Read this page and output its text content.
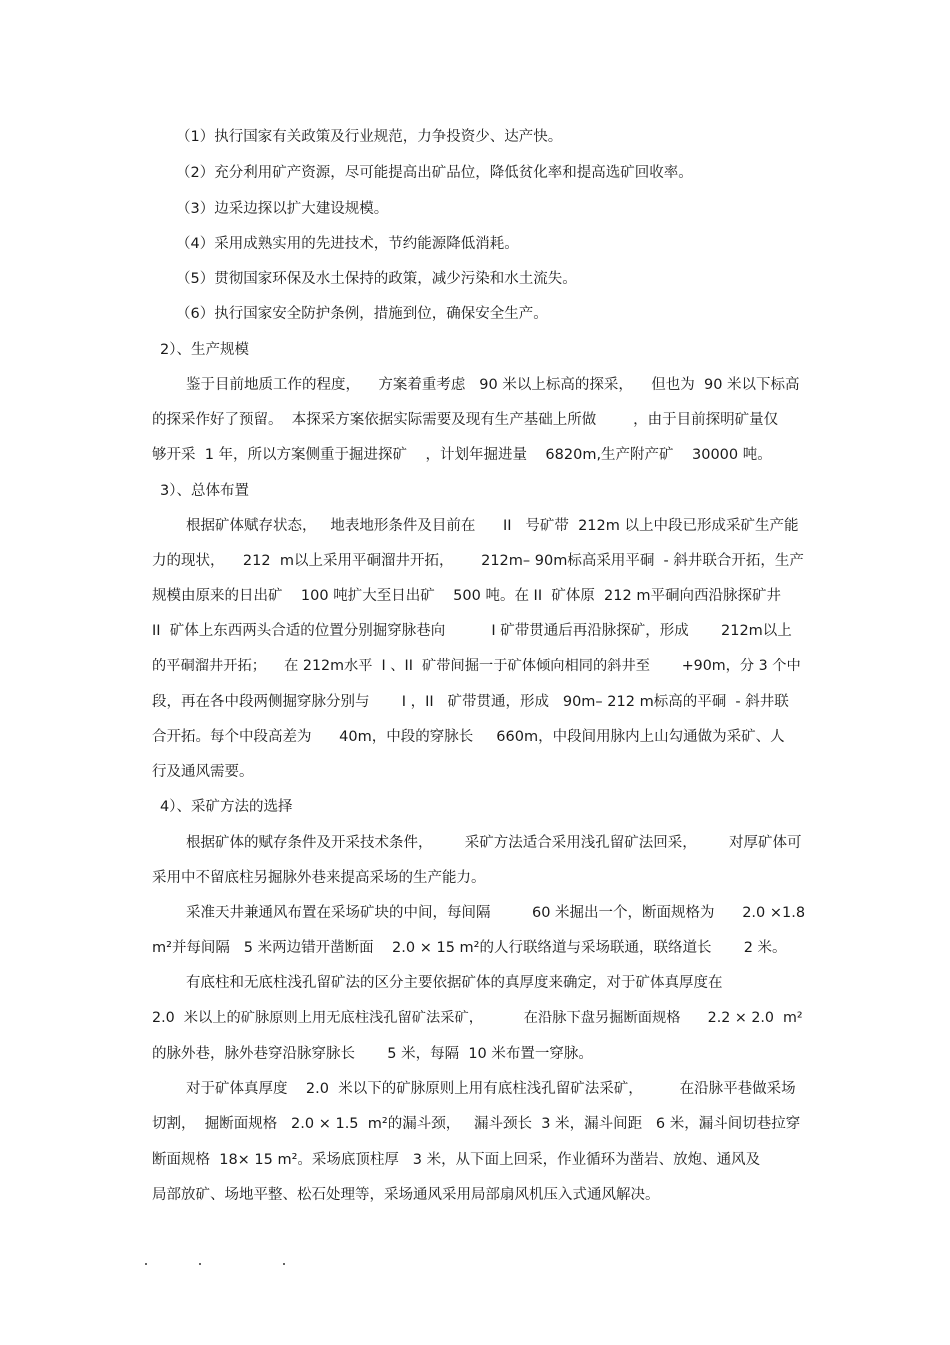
（1）执行国家有关政策及行业规范，力争投资少、达产快。
（2）充分利用矿产资源，尽可能提高出矿品位，降低贫化率和提高选矿回收率。
（3）边采边探以扩大建设规模。
（4）采用成熟实用的先进技术，节约能源降低消耗。
（5）贯彻国家环保及水土保持的政策，减少污染和水土流失。
（6）执行国家安全防护条例，措施到位，确保安全生产。
2）、生产规模
鉴于目前地质工作的程度，    方案着重考虑   90 米以上标高的探采，    但也为  90 米以下标高
的探采作好了预留。  本探采方案依据实际需要及现有生产基础上所做        ，由于目前探明矿量仅
够开采  1 年，所以方案侧重于掘进探矿    ，计划年掘进量    6820m,生产附产矿    30000 吨。
3）、总体布置
根据矿体赋存状态，   地表地形条件及目前在      II   号矿带  212m 以上中段已形成采矿生产能
力的现状，    212  m以上采用平硐溜井开拓，      212m– 90m标高采用平硐  - 斜井联合开拓，生产
规模由原来的日出矿    100 吨扩大至日出矿    500 吨。在 II  矿体原  212 m平硐向西沿脉探矿井
II  矿体上东西两头合适的位置分别掘穿脉巷向          I 矿带贯通后再沿脉探矿，形成       212m以上
的平硐溜井开拓；    在 212m水平  I 、II  矿带间掘一于矿体倾向相同的斜井至       +90m，分 3 个中
段，再在各中段两侧掘穿脉分别与       I ，II   矿带贯通，形成   90m– 212 m标高的平硐  - 斜井联
合开拓。每个中段高差为      40m，中段的穿脉长     660m，中段间用脉内上山勾通做为采矿、人
行及通风需要。
4）、采矿方法的选择
根据矿体的赋存条件及开采技术条件，       采矿方法适合采用浅孔留矿法回采，       对厚矿体可
采用中不留底柱另掘脉外巷来提高采场的生产能力。
采准天井兼通风布置在采场矿块的中间，每间隔         60 米掘出一个，断面规格为      2.0 ×1.8
m²并每间隔   5 米两边错开凿断面    2.0 × 15 m²的人行联络道与采场联通，联络道长       2 米。
有底柱和无底柱浅孔留矿法的区分主要依据矿体的真厚度来确定，对于矿体真厚度在
2.0  米以上的矿脉原则上用无底柱浅孔留矿法采矿，         在沿脉下盘另掘断面规格      2.2 × 2.0  m²
的脉外巷，脉外巷穿沿脉穿脉长       5 米，每隔  10 米布置一穿脉。
对于矿体真厚度    2.0  米以下的矿脉原则上用有底柱浅孔留矿法采矿，        在沿脉平巷做采场
切割，  掘断面规格   2.0 × 1.5  m²的漏斗颈，   漏斗颈长  3 米，漏斗间距   6 米，漏斗间切巷拉穿
断面规格  18× 15 m²。采场底顶柱厚   3 米，从下面上回采，作业循环为凿岩、放炮、通风及
局部放矿、场地平整、松石处理等，采场通风采用局部扇风机压入式通风解决。
